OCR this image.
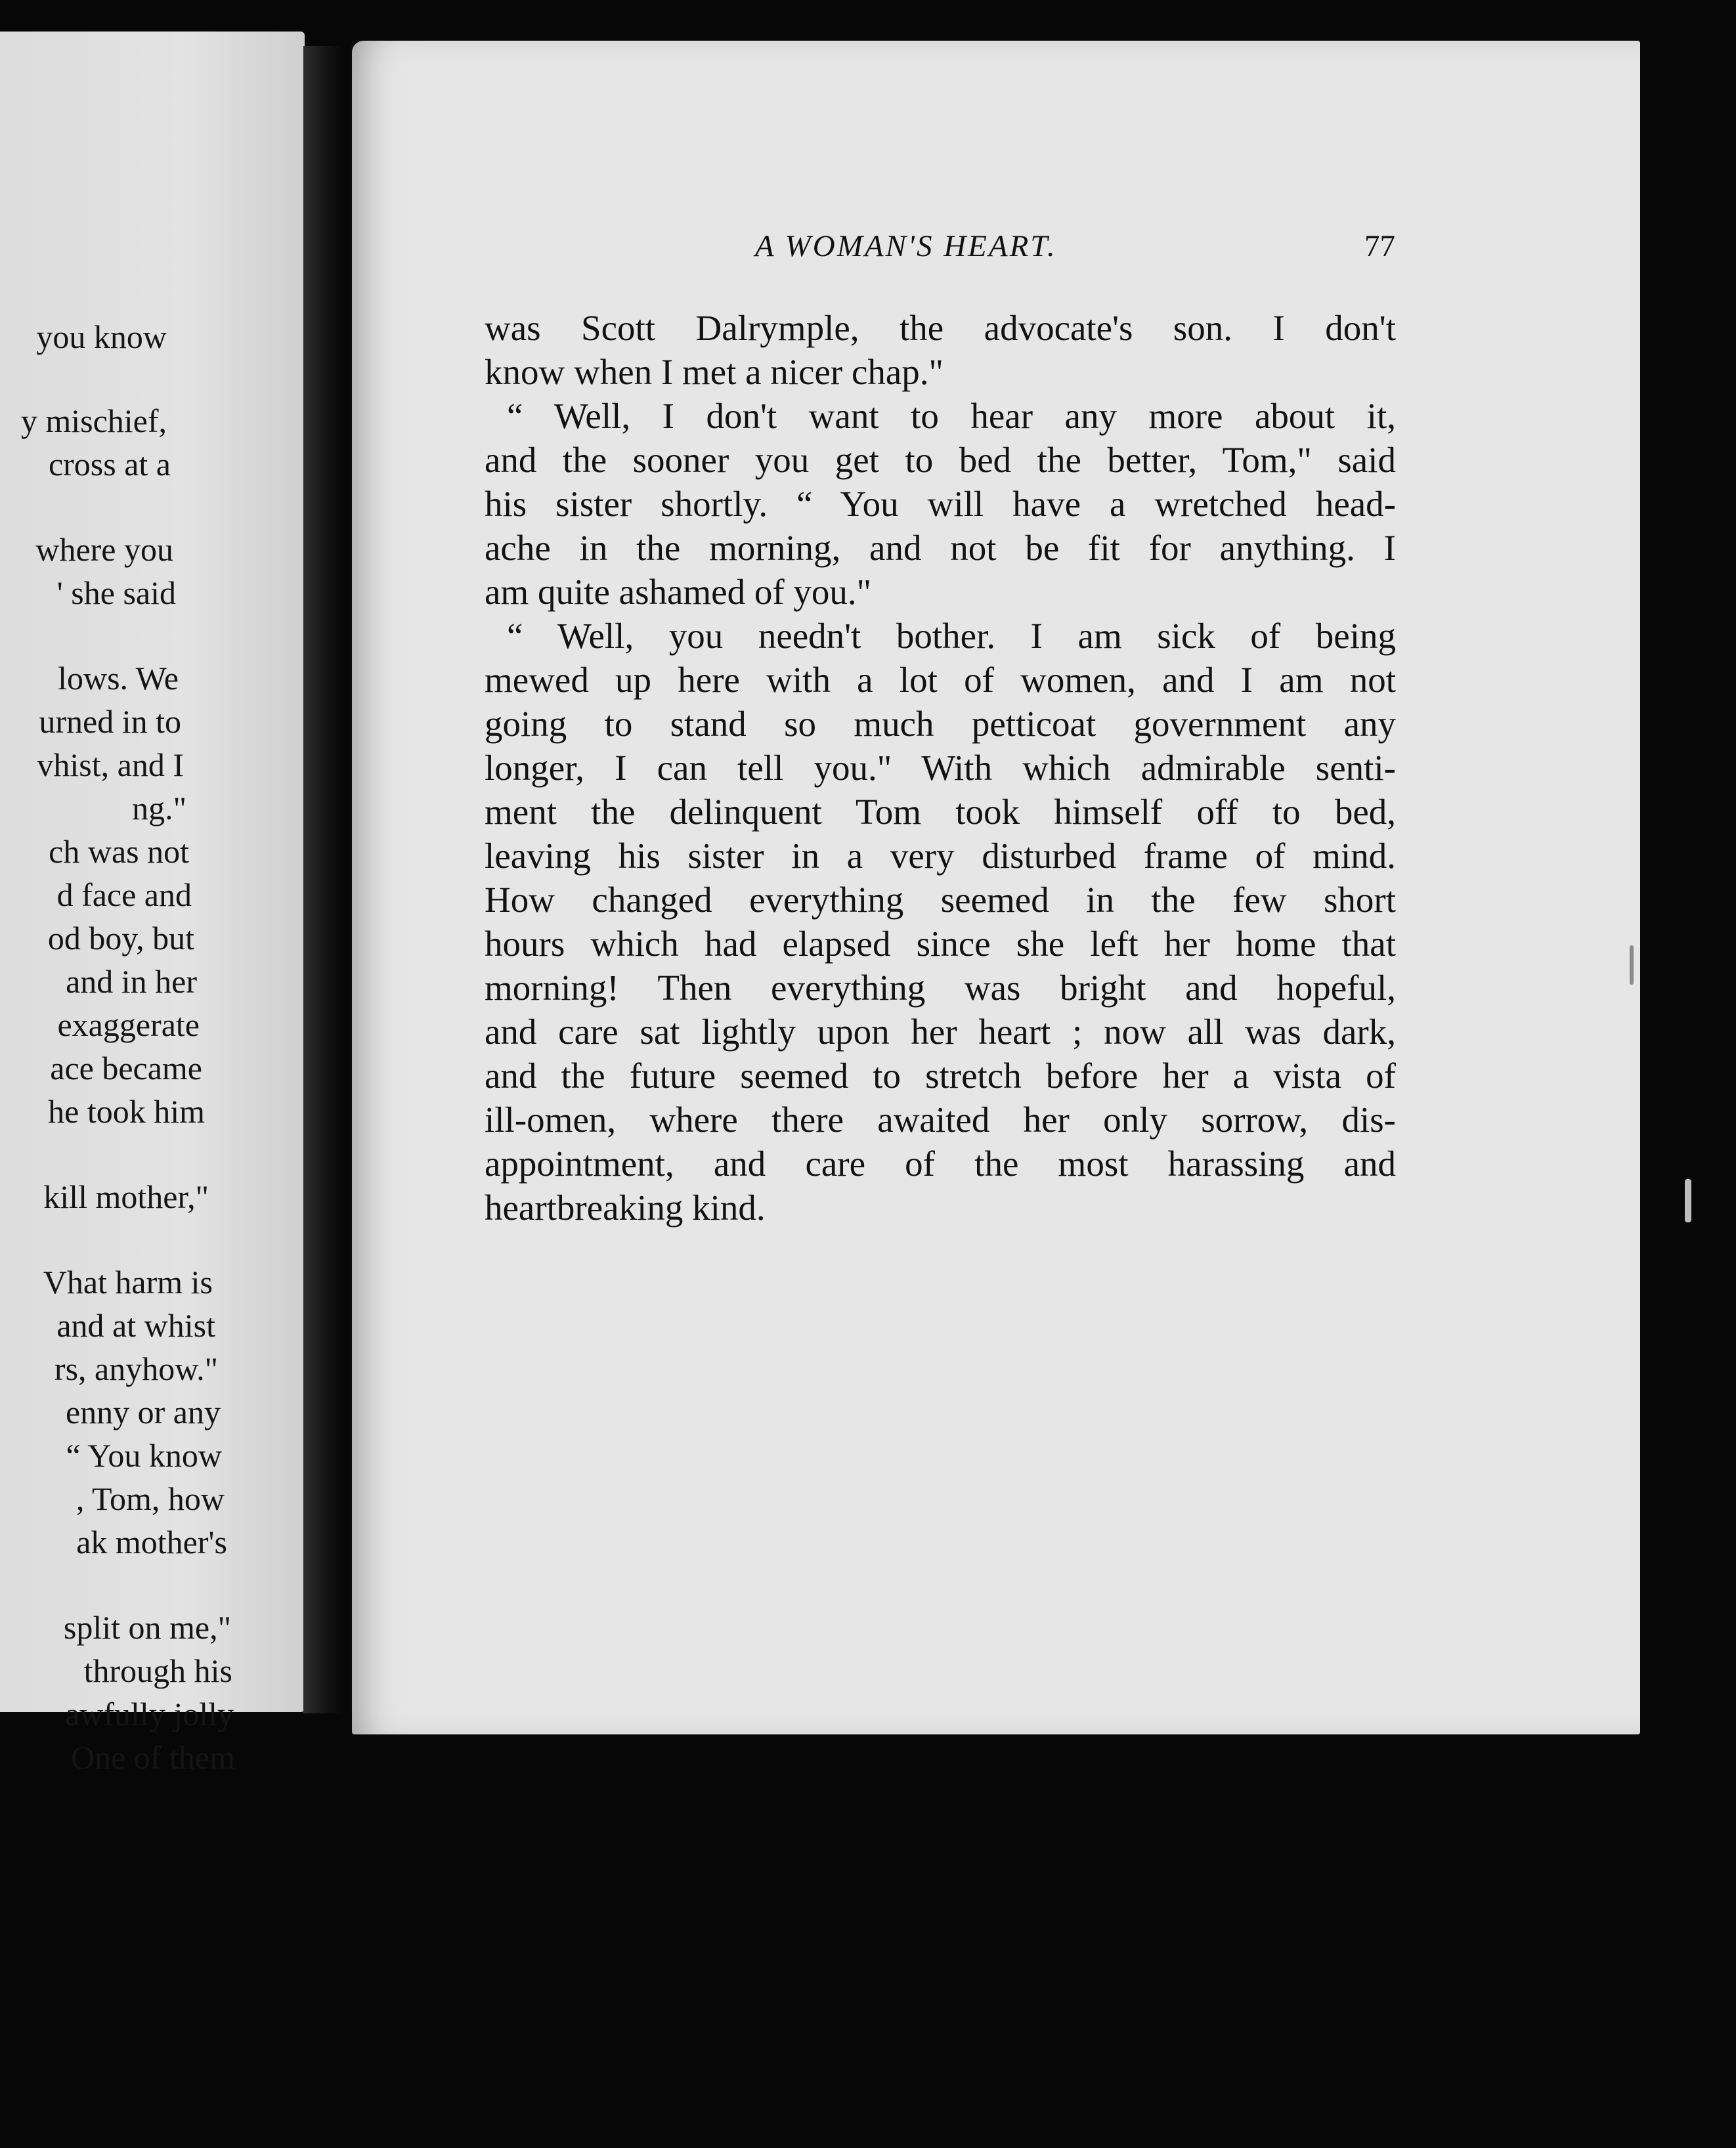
you know
y mischief,
cross at a
where you
' she said
lows. We
urned in to
vhist, and I
ng."
ch was not
d face and
od boy, but
and in her
exaggerate
ace became
he took him
kill mother,"
Vhat harm is
and at whist
rs, anyhow."
enny or any
“ You know
, Tom, how
ak mother's
split on me,"
through his
awfully jolly
One of them
A WOMAN'S HEART.	77
was Scott Dalrymple, the advocate's son. I don't
know when I met a nicer chap."
“ Well, I don't want to hear any more about it,
and the sooner you get to bed the better, Tom," said
his sister shortly. “ You will have a wretched head-
ache in the morning, and not be fit for anything. I
am quite ashamed of you."
“ Well, you needn't bother. I am sick of being
mewed up here with a lot of women, and I am not
going to stand so much petticoat government any
longer, I can tell you." With which admirable senti-
ment the delinquent Tom took himself off to bed,
leaving his sister in a very disturbed frame of mind.
How changed everything seemed in the few short
hours which had elapsed since she left her home that
morning! Then everything was bright and hopeful,
and care sat lightly upon her heart ; now all was dark,
and the future seemed to stretch before her a vista of
ill-omen, where there awaited her only sorrow, dis-
appointment, and care of the most harassing and
heartbreaking kind.
